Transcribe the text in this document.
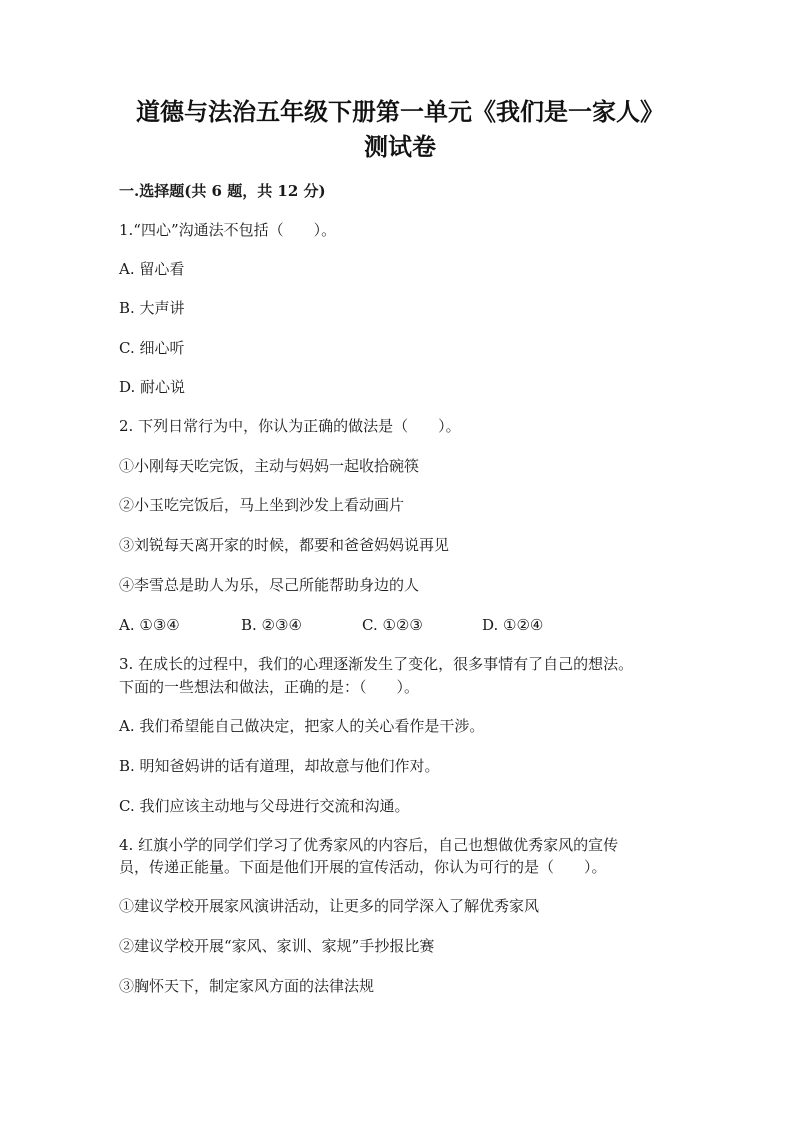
道德与法治五年级下册第一单元《我们是一家人》
测试卷
一.选择题(共 6 题，共 12 分)
1.“四心”沟通法不包括（　　）。
A. 留心看
B. 大声讲
C. 细心听
D. 耐心说
2. 下列日常行为中，你认为正确的做法是（　　）。
①小刚每天吃完饭，主动与妈妈一起收拾碗筷
②小玉吃完饭后，马上坐到沙发上看动画片
③刘锐每天离开家的时候，都要和爸爸妈妈说再见
④李雪总是助人为乐，尽己所能帮助身边的人
A. ①③④	B. ②③④	C. ①②③	D. ①②④
3. 在成长的过程中，我们的心理逐渐发生了变化，很多事情有了自己的想法。
下面的一些想法和做法，正确的是：（　　）。
A. 我们希望能自己做决定，把家人的关心看作是干涉。
B. 明知爸妈讲的话有道理，却故意与他们作对。
C. 我们应该主动地与父母进行交流和沟通。
4. 红旗小学的同学们学习了优秀家风的内容后，自己也想做优秀家风的宣传
员，传递正能量。下面是他们开展的宣传活动，你认为可行的是（　　）。
①建议学校开展家风演讲活动，让更多的同学深入了解优秀家风
②建议学校开展“家风、家训、家规”手抄报比赛
③胸怀天下，制定家风方面的法律法规
